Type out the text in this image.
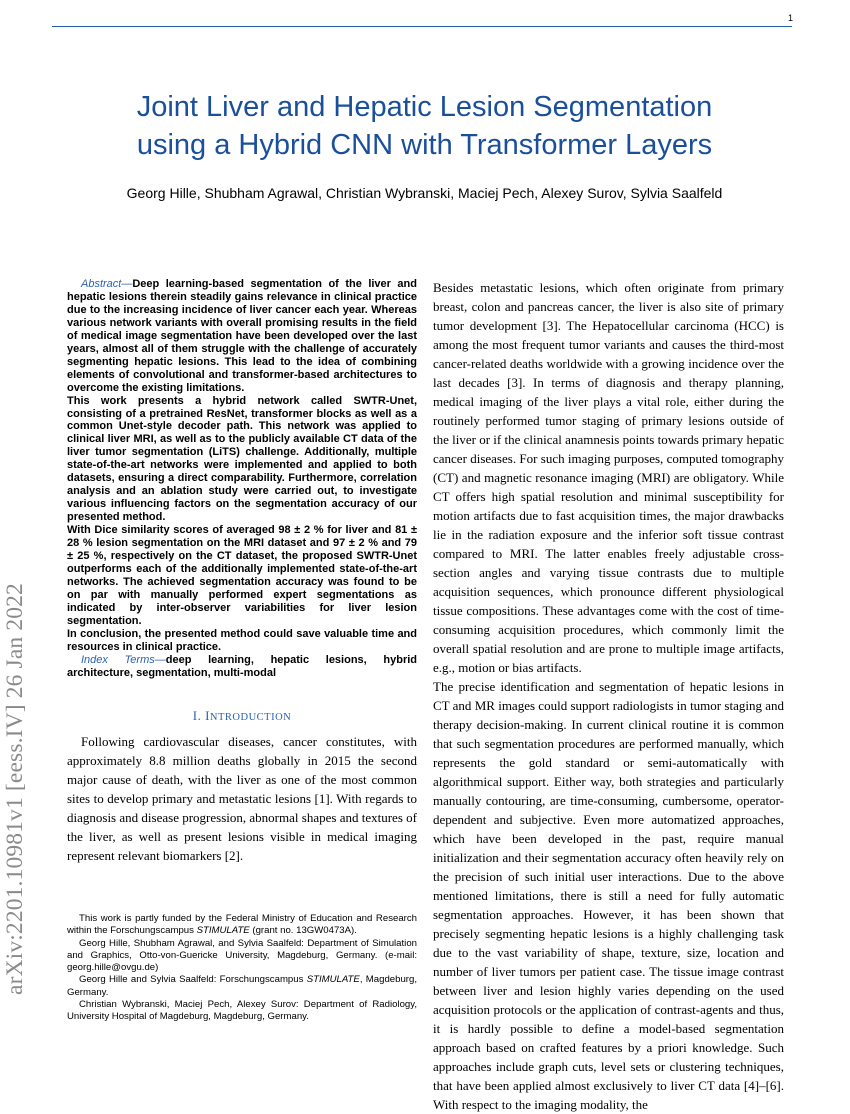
1
arXiv:2201.10981v1 [eess.IV] 26 Jan 2022
Joint Liver and Hepatic Lesion Segmentation
using a Hybrid CNN with Transformer Layers
Georg Hille, Shubham Agrawal, Christian Wybranski, Maciej Pech, Alexey Surov, Sylvia Saalfeld

Abstract—Deep learning-based segmentation of the liver and hepatic lesions therein steadily gains relevance in clinical practice due to the increasing incidence of liver cancer each year. Whereas various network variants with overall promising results in the field of medical image segmentation have been developed over the last years, almost all of them struggle with the challenge of accurately segmenting hepatic lesions. This lead to the idea of combining elements of convolutional and transformer-based architectures to overcome the existing limitations.

This work presents a hybrid network called SWTR-Unet, consisting of a pretrained ResNet, transformer blocks as well as a common Unet-style decoder path. This network was applied to clinical liver MRI, as well as to the publicly available CT data of the liver tumor segmentation (LiTS) challenge. Additionally, multiple state-of-the-art networks were implemented and applied to both datasets, ensuring a direct comparability. Furthermore, correlation analysis and an ablation study were carried out, to investigate various influencing factors on the segmentation accuracy of our presented method.

With Dice similarity scores of averaged 98 ± 2 % for liver and 81 ± 28 % lesion segmentation on the MRI dataset and 97 ± 2 % and 79 ± 25 %, respectively on the CT dataset, the proposed SWTR-Unet outperforms each of the additionally implemented state-of-the-art networks. The achieved segmentation accuracy was found to be on par with manually performed expert segmentations as indicated by inter-observer variabilities for liver lesion segmentation.

In conclusion, the presented method could save valuable time and resources in clinical practice.

Index Terms—deep learning, hepatic lesions, hybrid architecture, segmentation, multi-modal

I. INTRODUCTION

Following cardiovascular diseases, cancer constitutes, with approximately 8.8 million deaths globally in 2015 the second major cause of death, with the liver as one of the most common sites to develop primary and metastatic lesions [1]. With regards to diagnosis and disease progression, abnormal shapes and textures of the liver, as well as present lesions visible in medical imaging represent relevant biomarkers [2].

This work is partly funded by the Federal Ministry of Education and Research within the Forschungscampus STIMULATE (grant no. 13GW0473A).

Georg Hille, Shubham Agrawal, and Sylvia Saalfeld: Department of Simulation and Graphics, Otto-von-Guericke University, Magdeburg, Germany. (e-mail: georg.hille@ovgu.de)

Georg Hille and Sylvia Saalfeld: Forschungscampus STIMULATE, Magdeburg, Germany.

Christian Wybranski, Maciej Pech, Alexey Surov: Department of Radiology, University Hospital of Magdeburg, Magdeburg, Germany.

Besides metastatic lesions, which often originate from primary breast, colon and pancreas cancer, the liver is also site of primary tumor development [3]. The Hepatocellular carcinoma (HCC) is among the most frequent tumor variants and causes the third-most cancer-related deaths worldwide with a growing incidence over the last decades [3]. In terms of diagnosis and therapy planning, medical imaging of the liver plays a vital role, either during the routinely performed tumor staging of primary lesions outside of the liver or if the clinical anamnesis points towards primary hepatic cancer diseases. For such imaging purposes, computed tomography (CT) and magnetic resonance imaging (MRI) are obligatory. While CT offers high spatial resolution and minimal susceptibility for motion artifacts due to fast acquisition times, the major drawbacks lie in the radiation exposure and the inferior soft tissue contrast compared to MRI. The latter enables freely adjustable cross-section angles and varying tissue contrasts due to multiple acquisition sequences, which pronounce different physiological tissue compositions. These advantages come with the cost of time-consuming acquisition procedures, which commonly limit the overall spatial resolution and are prone to multiple image artifacts, e.g., motion or bias artifacts.

The precise identification and segmentation of hepatic lesions in CT and MR images could support radiologists in tumor staging and therapy decision-making. In current clinical routine it is common that such segmentation procedures are performed manually, which represents the gold standard or semi-automatically with algorithmical support. Either way, both strategies and particularly manually contouring, are time-consuming, cumbersome, operator-dependent and subjective. Even more automatized approaches, which have been developed in the past, require manual initialization and their segmentation accuracy often heavily rely on the precision of such initial user interactions. Due to the above mentioned limitations, there is still a need for fully automatic segmentation approaches. However, it has been shown that precisely segmenting hepatic lesions is a highly challenging task due to the vast variability of shape, texture, size, location and number of liver tumors per patient case. The tissue image contrast between liver and lesion highly varies depending on the used acquisition protocols or the application of contrast-agents and thus, it is hardly possible to define a model-based segmentation approach based on crafted features by a priori knowledge. Such approaches include graph cuts, level sets or clustering techniques, that have been applied almost exclusively to liver CT data [4]–[6]. With respect to the imaging modality, the
